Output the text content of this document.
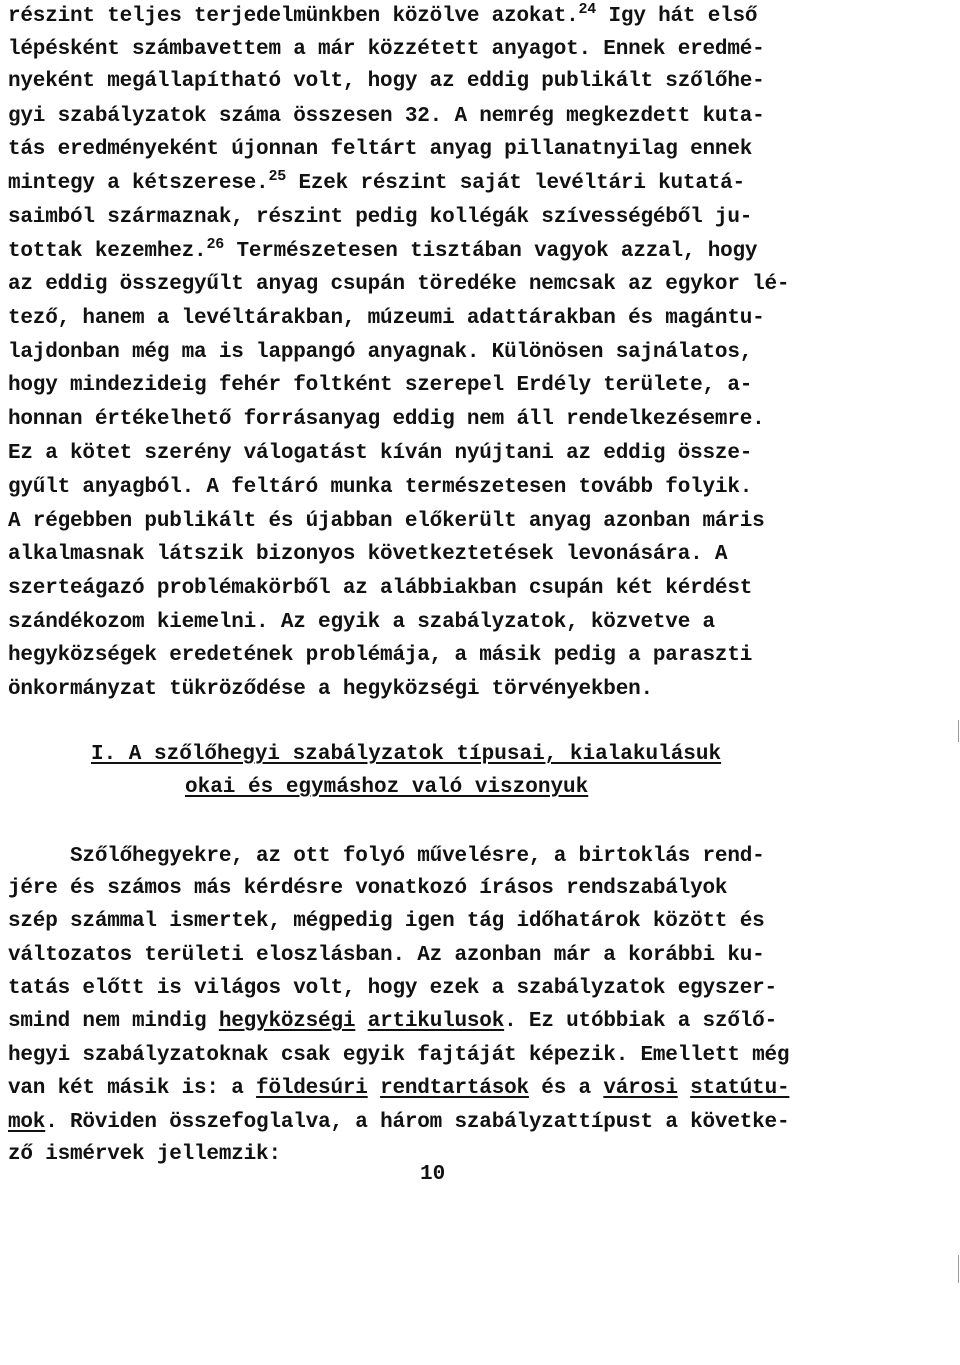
részint teljes terjedelmünkben közölve azokat.$^{24}$ Igy hát első
lépésként számbavettem a már közzétett anyagot. Ennek eredmé-
nyeként megállapítható volt, hogy az eddig publikált szőlőhe-
gyi szabályzatok száma összesen 32. A nemrég megkezdett kuta-
tás eredményeként újonnan feltárt anyag pillanatnyilag ennek
mintegy a kétszerese.$^{25}$ Ezek részint saját levéltári kutatá-
saimból származnak, részint pedig kollégák szívességéből ju-
tottak kezemhez.$^{26}$ Természetesen tisztában vagyok azzal, hogy
az eddig összegyűlt anyag csupán töredéke nemcsak az egykor lé-
tező, hanem a levéltárakban, múzeumi adattárakban és magántu-
lajdonban még ma is lappangó anyagnak. Különösen sajnálatos,
hogy mindezideig fehér foltként szerepel Erdély területe, a-
honnan értékelhető forrásanyag eddig nem áll rendelkezésemre.
Ez a kötet szerény válogatást kíván nyújtani az eddig össze-
gyűlt anyagból. A feltáró munka természetesen tovább folyik.
A régebben publikált és újabban előkerült anyag azonban máris
alkalmasnak látszik bizonyos következtetések levonására. A
szerteágazó problémakörből az alábbiakban csupán két kérdést
szándékozom kiemelni. Az egyik a szabályzatok, közvetve a
hegyközségek eredetének problémája, a másik pedig a paraszti
önkormányzat tükröződése a hegyközségi törvényekben.
I. A szőlőhegyi szabályzatok típusai, kialakulásuk
okai és egymáshoz való viszonyuk
Szőlőhegyekre, az ott folyó művelésre, a birtoklás rend-
jére és számos más kérdésre vonatkozó írásos rendszabályok
szép számmal ismertek, mégpedig igen tág időhatárok között és
változatos területi eloszlásban. Az azonban már a korábbi ku-
tatás előtt is világos volt, hogy ezek a szabályzatok egyszer-
smind nem mindig hegyközségi artikulusok. Ez utóbbiak a szőlő-
hegyi szabályzatoknak csak egyik fajtáját képezik. Emellett még
van két másik is: a földesúri rendtartások és a városi statútu-
mok. Röviden összefoglalva, a három szabályzattípust a követke-
ző ismérvek jellemzik:
10
